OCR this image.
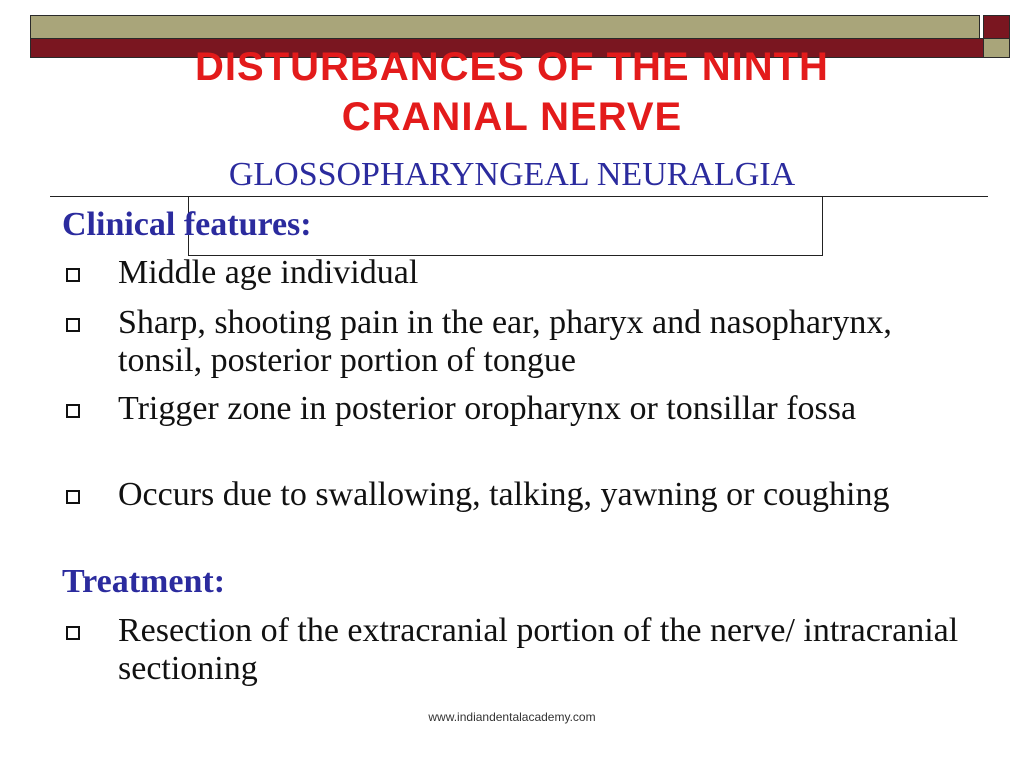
DISTURBANCES OF THE NINTH
CRANIAL NERVE
GLOSSOPHARYNGEAL NEURALGIA
Clinical features:
Middle age individual
Sharp, shooting pain in the ear, pharyx and nasopharynx, tonsil, posterior portion of tongue
Trigger zone in posterior oropharynx or tonsillar fossa
Occurs due to swallowing, talking, yawning or coughing
Treatment:
Resection of the extracranial portion of the nerve/ intracranial sectioning
www.indiandentalacademy.com
